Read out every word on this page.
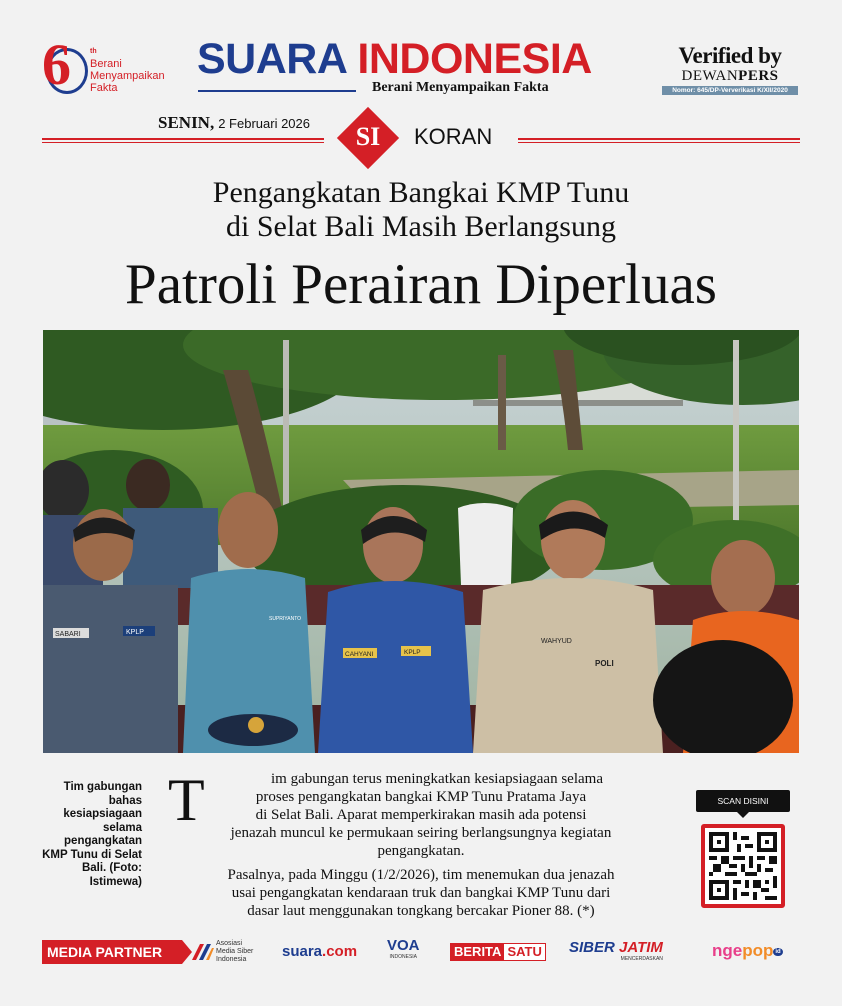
6	th
Berani
Menyampaikan
Fakta
SUARA INDONESIA
Berani Menyampaikan Fakta
Verified by
DEWANPERS
Nomor: 645/DP-Ververikasi K/XII/2020
SENIN, 2 Februari 2026	SI	KORAN
Pengangkatan Bangkai KMP Tunu
di Selat Bali Masih Berlangsung
Patroli Perairan Diperluas
SABARI	KPLP
SUPRIYANTO
CAHYANI	KPLP
WAHYUD
POLI
Tim gabungan bahas kesiapsiagaan selama pengangkatan KMP Tunu di Selat Bali. (Foto: Istimewa)
T	im gabungan terus meningkatkan kesiapsiagaan selama
proses pengangkatan bangkai KMP Tunu Pratama Jaya
di Selat Bali. Aparat memperkirakan masih ada potensi
jenazah muncul ke permukaan seiring berlangsungnya kegiatan
pengangkatan.
Pasalnya, pada Minggu (1/2/2026), tim menemukan dua jenazah
usai pengangkatan kendaraan truk dan bangkai KMP Tunu dari
dasar laut menggunakan tongkang bercakar Pioner 88. (*)
SCAN DISINI
MEDIA PARTNER
Asosiasi
Media Siber
Indonesia	suara.com VOA
INDONESIA	BERITA SATU SIBER JATIM
MENCERDASKAN	ngepop id
